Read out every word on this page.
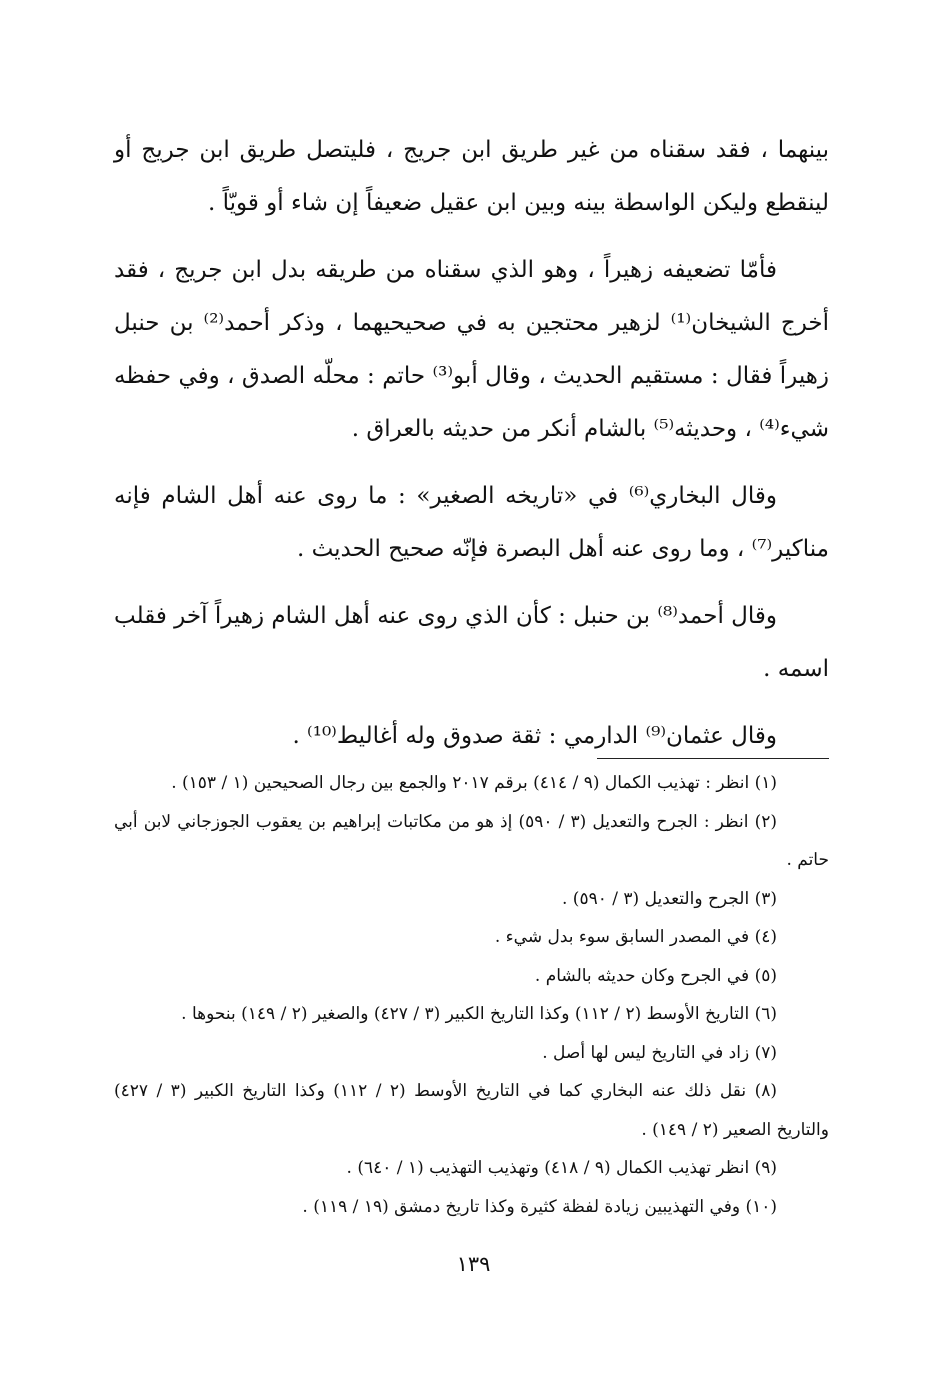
بينهما ، فقد سقناه من غير طريق ابن جريج ، فليتصل طريق ابن جريج أو لينقطع وليكن الواسطة بينه وبين ابن عقيل ضعيفاً إن شاء أو قويّاً .

فأمّا تضعيفه زهيراً ، وهو الذي سقناه من طريقه بدل ابن جريج ، فقد أخرج الشيخان⁽¹⁾ لزهير محتجين به في صحيحيهما ، وذكر أحمد⁽²⁾ بن حنبل زهيراً فقال : مستقيم الحديث ، وقال أبو⁽³⁾ حاتم : محلّه الصدق ، وفي حفظه شيء⁽⁴⁾ ، وحديثه⁽⁵⁾ بالشام أنكر من حديثه بالعراق .

وقال البخاري⁽⁶⁾ في «تاريخه الصغير» : ما روى عنه أهل الشام فإنه مناكير⁽⁷⁾ ، وما روى عنه أهل البصرة فإنّه صحيح الحديث .

وقال أحمد⁽⁸⁾ بن حنبل : كأن الذي روى عنه أهل الشام زهيراً آخر فقلب اسمه .

وقال عثمان⁽⁹⁾ الدارمي : ثقة صدوق وله أغاليط⁽¹⁰⁾ .

(١) انظر : تهذيب الكمال (٩ / ٤١٤) برقم ٢٠١٧ والجمع بين رجال الصحيحين (١ / ١٥٣) .

(٢) انظر : الجرح والتعديل (٣ / ٥٩٠) إذ هو من مكاتبات إبراهيم بن يعقوب الجوزجاني لابن أبي حاتم .

(٣) الجرح والتعديل (٣ / ٥٩٠) .

(٤) في المصدر السابق سوء بدل شيء .

(٥) في الجرح وكان حديثه بالشام .

(٦) التاريخ الأوسط (٢ / ١١٢) وكذا التاريخ الكبير (٣ / ٤٢٧) والصغير (٢ / ١٤٩) بنحوها .

(٧) زاد في التاريخ ليس لها أصل .

(٨) نقل ذلك عنه البخاري كما في التاريخ الأوسط (٢ / ١١٢) وكذا التاريخ الكبير (٣ / ٤٢٧) والتاريخ الصعير (٢ / ١٤٩) .

(٩) انظر تهذيب الكمال (٩ / ٤١٨) وتهذيب التهذيب (١ / ٦٤٠) .

(١٠) وفي التهذيبين زيادة لفظة كثيرة وكذا تاريخ دمشق (١٩ / ١١٩) .

١٣٩
